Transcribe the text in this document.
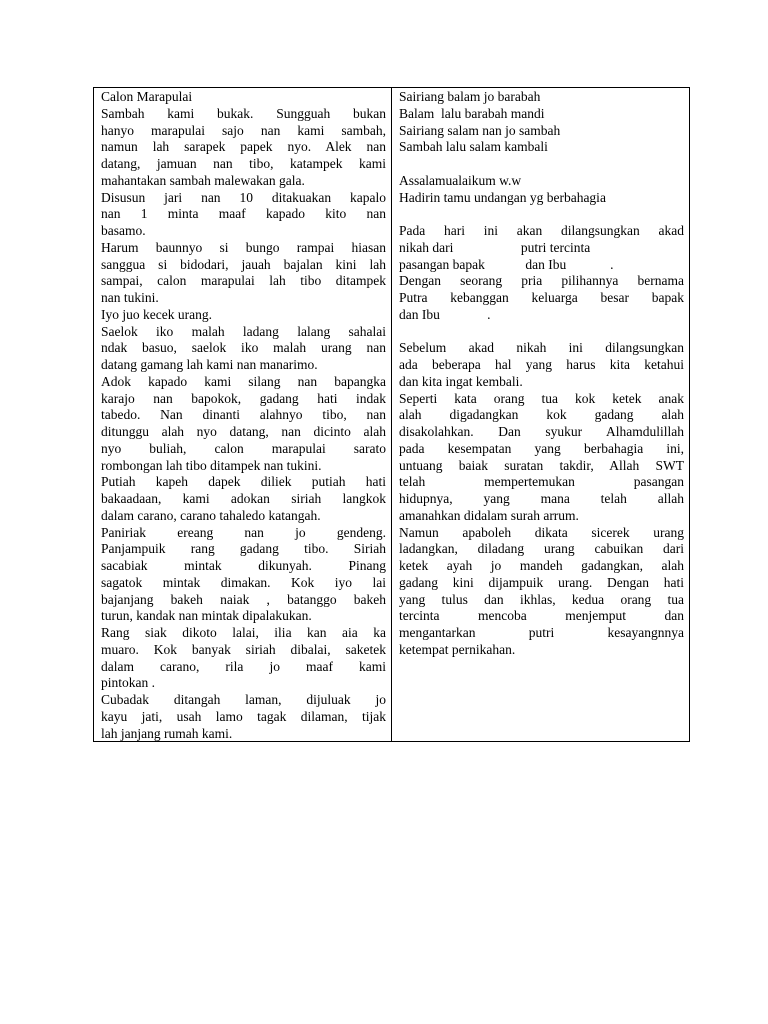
Calon Marapulai
Sambah kami bukak. Sungguah bukan
hanyo marapulai sajo nan kami sambah,
namun lah sarapek papek nyo. Alek nan
datang, jamuan nan tibo, katampek kami
mahantakan sambah malewakan gala.
Disusun jari nan 10 ditakuakan kapalo
nan 1 minta maaf kapado kito nan
basamo.
Harum baunnyo si bungo rampai hiasan
sanggua si bidodari, jauah bajalan kini lah
sampai, calon marapulai lah tibo ditampek
nan tukini.
Iyo juo kecek urang.
Saelok iko malah ladang lalang sahalai
ndak basuo, saelok iko malah urang nan
datang gamang lah kami nan manarimo.
Adok kapado kami silang nan bapangka
karajo nan bapokok, gadang hati indak
tabedo. Nan dinanti alahnyo tibo, nan
ditunggu alah nyo datang, nan dicinto alah
nyo buliah, calon marapulai sarato
rombongan lah tibo ditampek nan tukini.
Putiah kapeh dapek diliek putiah hati
bakaadaan, kami adokan siriah langkok
dalam carano, carano tahaledo katangah.
Paniriak ereang nan jo gendeng.
Panjampuik rang gadang tibo. Siriah
sacabiak mintak dikunyah. Pinang
sagatok mintak dimakan. Kok iyo lai
bajanjang bakeh naiak , batanggo bakeh
turun, kandak nan mintak dipalakukan.
Rang siak dikoto lalai, ilia kan aia ka
muaro. Kok banyak siriah dibalai, saketek
dalam carano, rila jo maaf kami
pintokan .
Cubadak ditangah laman, dijuluak jo
kayu jati, usah lamo tagak dilaman, tijak
lah janjang rumah kami.
Sairiang balam jo barabah
Balam  lalu barabah mandi
Sairiang salam nan jo sambah
Sambah lalu salam kambali

Assalamualaikum w.w
Hadirin tamu undangan yg berbahagia

Pada hari ini akan dilangsungkan akad
nikah dari                    putri tercinta
pasangan bapak            dan Ibu             .
Dengan seorang pria pilihannya bernama
Putra kebanggan keluarga besar bapak
dan Ibu              .

Sebelum akad nikah ini dilangsungkan
ada beberapa hal yang harus kita ketahui
dan kita ingat kembali.
Seperti kata orang tua kok ketek anak
alah digadangkan kok gadang alah
disakolahkan. Dan syukur Alhamdulillah
pada kesempatan yang berbahagia ini,
untuang baiak suratan takdir, Allah SWT
telah mempertemukan pasangan
hidupnya, yang mana telah allah
amanahkan didalam surah arrum.
Namun apaboleh dikata sicerek urang
ladangkan, diladang urang cabuikan dari
ketek ayah jo mandeh gadangkan, alah
gadang kini dijampuik urang. Dengan hati
yang tulus dan ikhlas, kedua orang tua
tercinta mencoba menjemput dan
mengantarkan putri kesayangnnya
ketempat pernikahan.
